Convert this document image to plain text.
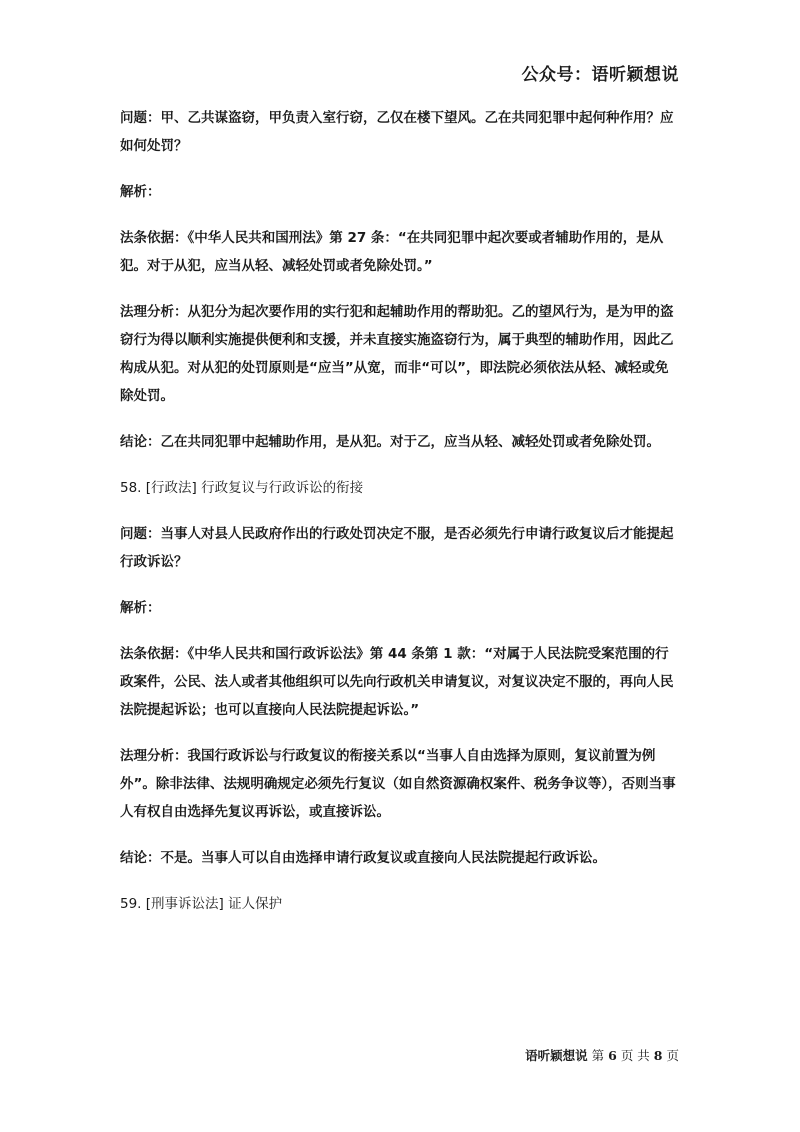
公众号：语听颖想说

问题：甲、乙共谋盗窃，甲负责入室行窃，乙仅在楼下望风。乙在共同犯罪中起何种作用？应如何处罚？

解析：

法条依据：《中华人民共和国刑法》第 27 条：“在共同犯罪中起次要或者辅助作用的，是从犯。对于从犯，应当从轻、减轻处罚或者免除处罚。”

法理分析：从犯分为起次要作用的实行犯和起辅助作用的帮助犯。乙的望风行为，是为甲的盗窃行为得以顺利实施提供便利和支援，并未直接实施盗窃行为，属于典型的辅助作用，因此乙构成从犯。对从犯的处罚原则是“应当”从宽，而非“可以”，即法院必须依法从轻、减轻或免除处罚。

结论：乙在共同犯罪中起辅助作用，是从犯。对于乙，应当从轻、减轻处罚或者免除处罚。

58. [行政法] 行政复议与行政诉讼的衔接

问题：当事人对县人民政府作出的行政处罚决定不服，是否必须先行申请行政复议后才能提起行政诉讼？

解析：

法条依据：《中华人民共和国行政诉讼法》第 44 条第 1 款：“对属于人民法院受案范围的行政案件，公民、法人或者其他组织可以先向行政机关申请复议，对复议决定不服的，再向人民法院提起诉讼；也可以直接向人民法院提起诉讼。”

法理分析：我国行政诉讼与行政复议的衔接关系以“当事人自由选择为原则，复议前置为例外”。除非法律、法规明确规定必须先行复议（如自然资源确权案件、税务争议等），否则当事人有权自由选择先复议再诉讼，或直接诉讼。

结论：不是。当事人可以自由选择申请行政复议或直接向人民法院提起行政诉讼。

59. [刑事诉讼法] 证人保护

语听颖想说 第 6 页 共 8 页
